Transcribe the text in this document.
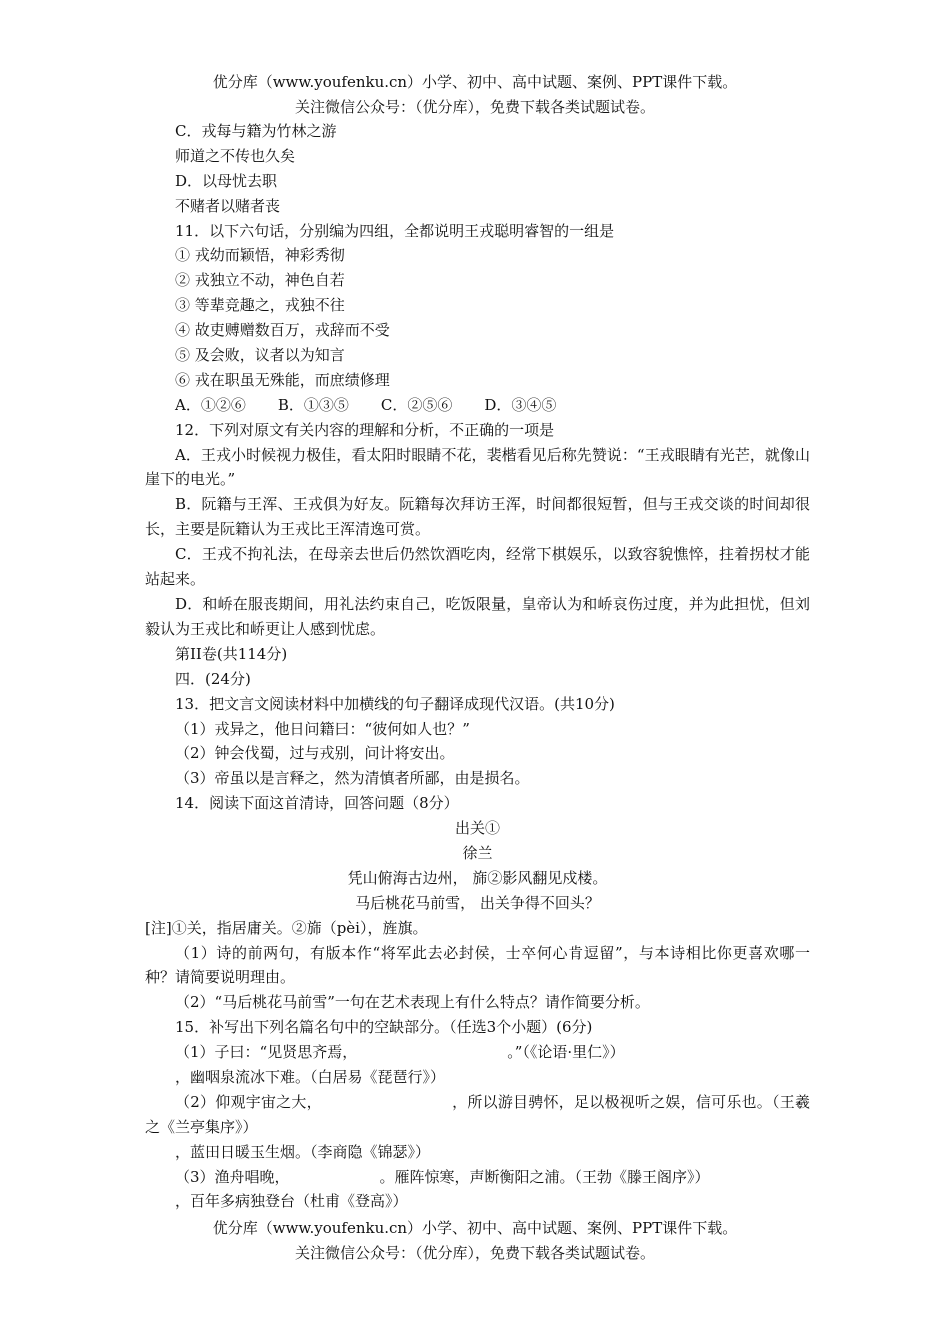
优分库（www.youfenku.cn）小学、初中、高中试题、案例、PPT课件下载。
关注微信公众号：（优分库），免费下载各类试题试卷。
C．戎每与籍为竹林之游
师道之不传也久矣
D．以母忧去职
不赌者以赌者丧
11．以下六句话，分别编为四组，全都说明王戎聪明睿智的一组是
① 戎幼而颖悟，神彩秀彻
② 戎独立不动，神色自若
③ 等辈竞趣之，戎独不往
④ 故吏赙赠数百万，戎辞而不受
⑤ 及会败，议者以为知言
⑥ 戎在职虽无殊能，而庶绩修理
A．①②⑥ B．①③⑤ C．②⑤⑥ D．③④⑤
12．下列对原文有关内容的理解和分析，不正确的一项是
A．王戎小时候视力极佳，看太阳时眼睛不花，裴楷看见后称先赞说：“王戎眼睛有光芒，就像山崖下的电光。”
B．阮籍与王浑、王戎俱为好友。阮籍每次拜访王浑，时间都很短暂，但与王戎交谈的时间却很长，主要是阮籍认为王戎比王浑清逸可赏。
C．王戎不拘礼法，在母亲去世后仍然饮酒吃肉，经常下棋娱乐，以致容貌憔悴，拄着拐杖才能站起来。
D．和峤在服丧期间，用礼法约束自己，吃饭限量，皇帝认为和峤哀伤过度，并为此担忧，但刘毅认为王戎比和峤更让人感到忧虑。
第II卷(共114分)
四．(24分)
13．把文言文阅读材料中加横线的句子翻译成现代汉语。(共10分)
（1）戎异之，他日问籍曰：“彼何如人也？”
（2）钟会伐蜀，过与戎别，问计将安出。
（3）帝虽以是言释之，然为清慎者所鄙，由是损名。
14．阅读下面这首清诗，回答问题（8分）
出关①
徐兰
凭山俯海古边州， 旆②影风翻见戍楼。
马后桃花马前雪， 出关争得不回头？
[注]①关，指居庸关。②旆（pèi），旌旗。
（1）诗的前两句，有版本作“将军此去必封侯，士卒何心肯逗留”，与本诗相比你更喜欢哪一种？请简要说明理由。
（2）“马后桃花马前雪”一句在艺术表现上有什么特点？请作简要分析。
15．补写出下列名篇名句中的空缺部分。（任选3个小题）(6分)
（1）子曰：“见贤思齐焉，	。”（《论语·里仁》）
，幽咽泉流冰下难。（白居易《琵琶行》）
（2）仰观宇宙之大，	，所以游目骋怀，足以极视听之娱，信可乐也。（王羲之《兰亭集序》）
，蓝田日暖玉生烟。（李商隐《锦瑟》）
（3）渔舟唱晚，	。雁阵惊寒，声断衡阳之浦。（王勃《滕王阁序》）
，百年多病独登台（杜甫《登高》）
优分库（www.youfenku.cn）小学、初中、高中试题、案例、PPT课件下载。
关注微信公众号：（优分库），免费下载各类试题试卷。
